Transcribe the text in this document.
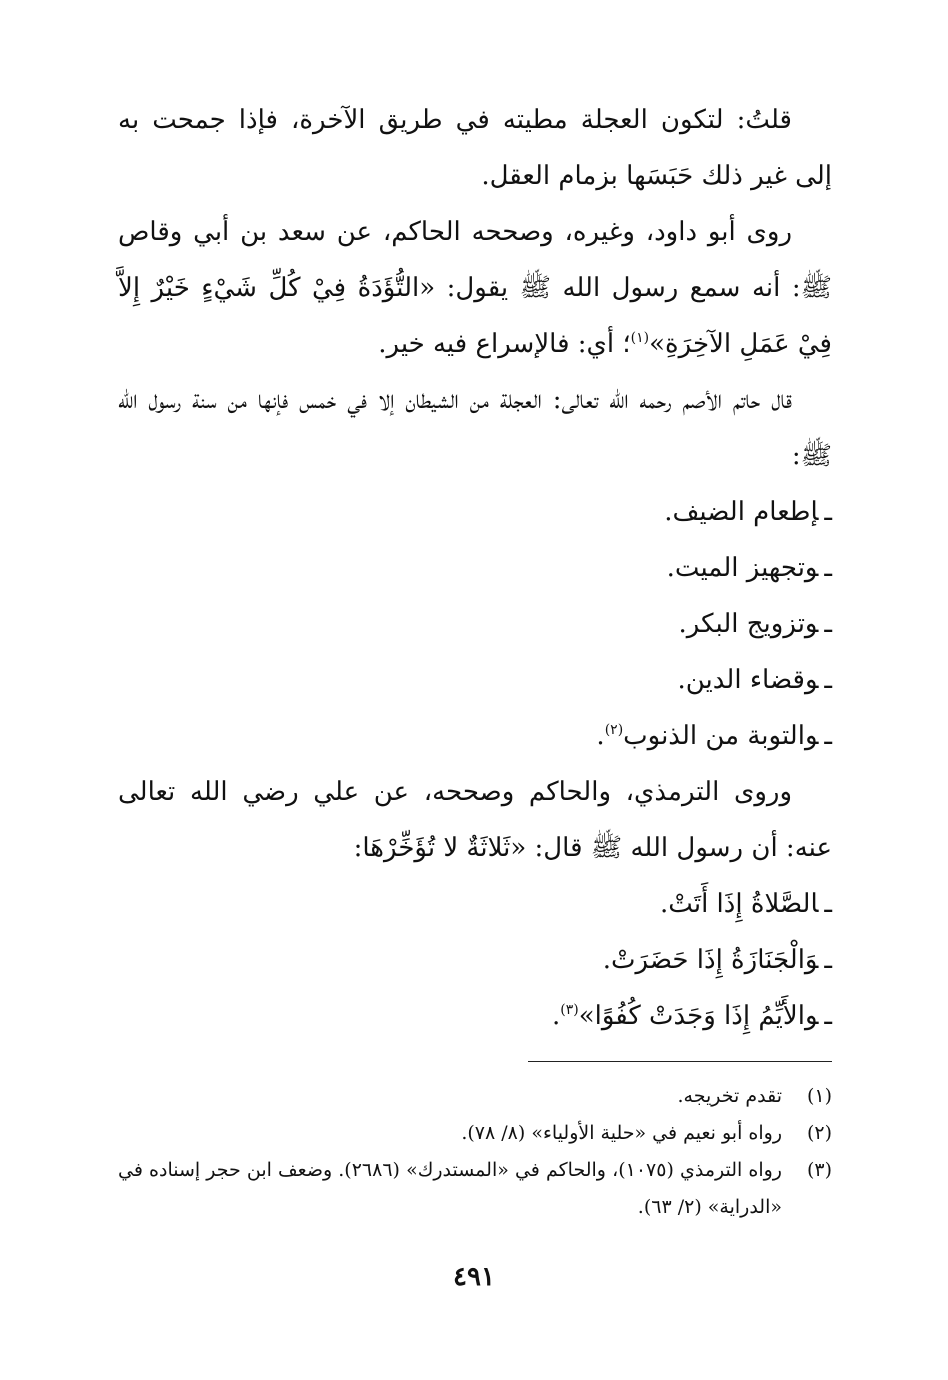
قلتُ: لتكون العجلة مطيته في طريق الآخرة، فإذا جمحت به إلى غير ذلك حَبَسَها بزمام العقل.

روى أبو داود، وغيره، وصححه الحاكم، عن سعد بن أبي وقاص ﷺ: أنه سمع رسول الله ﷺ يقول: «التُّؤَدَةُ فِيْ كُلِّ شَيْءٍ خَيْرٌ إِلاَّ فِيْ عَمَلِ الآخِرَةِ»$^{(١)}$؛ أي: فالإسراع فيه خير.

قال حاتم الأصم رحمه الله تعالى: العجلة من الشيطان إلا في خمس فإنها من سنة رسول الله ﷺ:

ـإطعام الضيف.

ـوتجهيز الميت.

ـوتزويج البكر.

ـوقضاء الدين.

ـوالتوبة من الذنوب$^{(٢)}$.

وروى الترمذي، والحاكم وصححه، عن علي رضي الله تعالى عنه: أن رسول الله ﷺ قال: «ثَلاثَةٌ لا تُؤَخِّرْهَا:

ـالصَّلاةُ إِذَا أَتَتْ.

ـوَالْجَنَازَةُ إِذَا حَضَرَتْ.

ـوالأَيِّمُ إِذَا وَجَدَتْ كُفُوًا»$^{(٣)}$.

(١)
تقدم تخريجه.

(٢)
رواه أبو نعيم في «حلية الأولياء» (٨/ ٧٨).

(٣)
رواه الترمذي (١٠٧٥)، والحاكم في «المستدرك» (٢٦٨٦). وضعف ابن حجر إسناده في «الدراية» (٢/ ٦٣).

٤٩١
